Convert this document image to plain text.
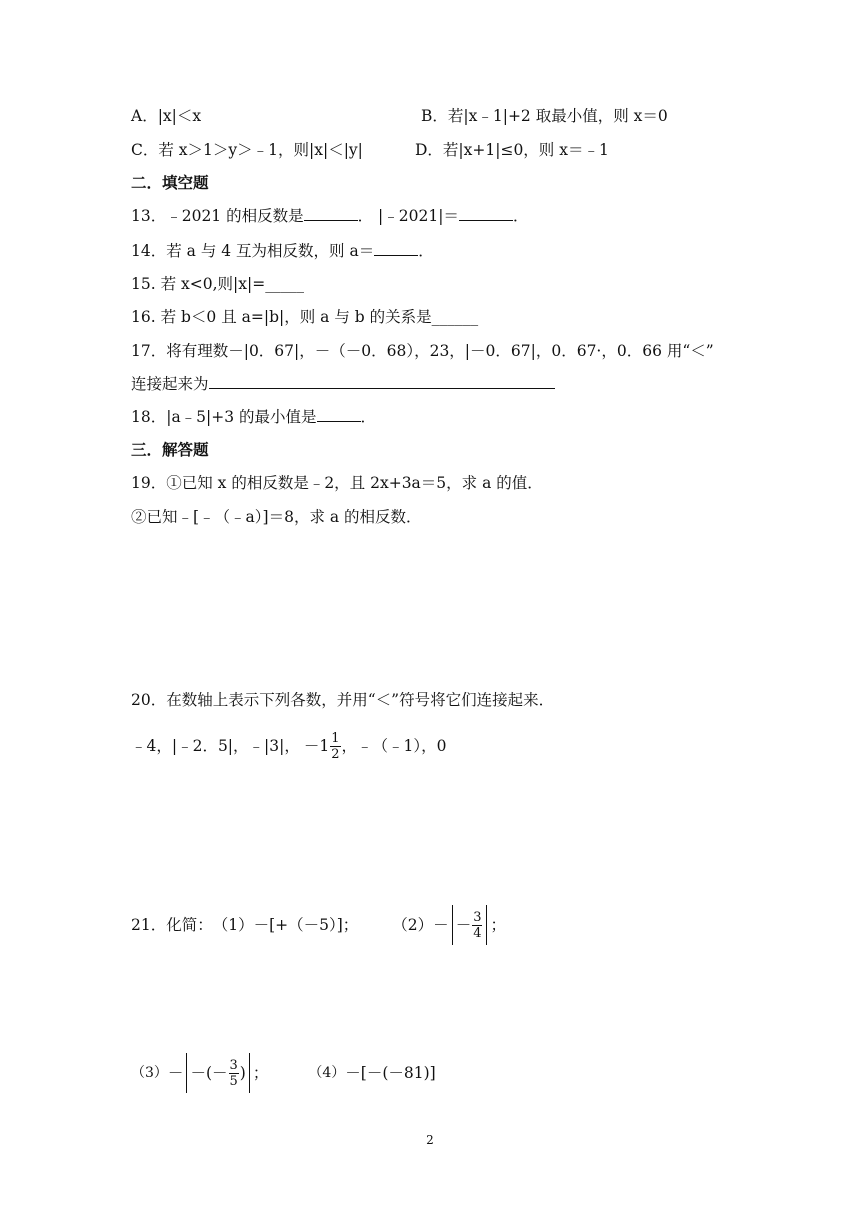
A．|x|＜x	B．若|x﹣1|+2 取最小值，则 x＝0
C．若 x＞1＞y＞﹣1，则|x|＜|y|	D．若|x+1|≤0，则 x＝﹣1
二．填空题
13．﹣2021 的相反数是	． |﹣2021|＝	．
14．若 a 与 4 互为相反数，则 a＝	．
15. 若 x<0,则|x|=_____
16. 若 b＜0 且 a=|b|，则 a 与 b 的关系是______
17．将有理数－|0．67|，－（－0．68），23，|－0．67|，0．67·，0．66 用“＜”
连接起来为
18．|a﹣5|+3 的最小值是	．
三．解答题
19．①已知 x 的相反数是﹣2，且 2x+3a＝5，求 a 的值．
②已知﹣[﹣（﹣a）]＝8，求 a 的相反数．
20．在数轴上表示下列各数，并用“＜”符号将它们连接起来．
﹣4，|﹣2．5|，﹣|3|， $-1 \frac{1}{2}$ ，﹣（﹣1），0
21．化简： （1）－[+（－5）]； （2） － － $\frac{3}{4}$ ；
（3） － －(－ $\frac{3}{5}$ ) ；	（4） －[－(－81)]
2
